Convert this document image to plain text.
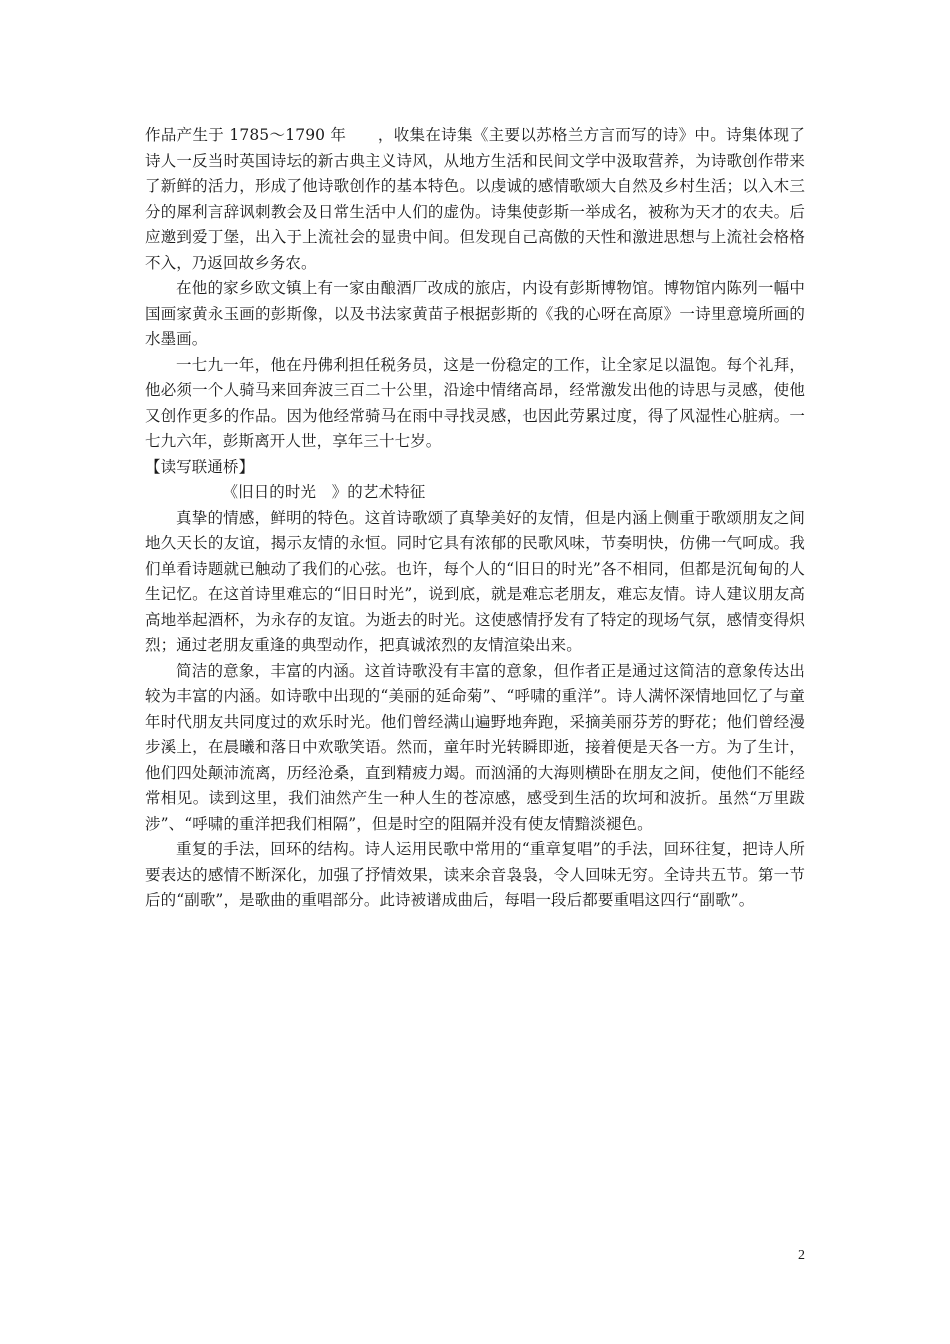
作品产生于 1785～1790 年　　，收集在诗集《主要以苏格兰方言而写的诗》中。诗集体现了诗人一反当时英国诗坛的新古典主义诗风，从地方生活和民间文学中汲取营养，为诗歌创作带来了新鲜的活力，形成了他诗歌创作的基本特色。以虔诚的感情歌颂大自然及乡村生活；以入木三分的犀利言辞讽刺教会及日常生活中人们的虚伪。诗集使彭斯一举成名，被称为天才的农夫。后应邀到爱丁堡，出入于上流社会的显贵中间。但发现自己高傲的天性和激进思想与上流社会格格不入，乃返回故乡务农。

在他的家乡欧文镇上有一家由酿酒厂改成的旅店，内设有彭斯博物馆。博物馆内陈列一幅中国画家黄永玉画的彭斯像，以及书法家黄苗子根据彭斯的《我的心呀在高原》一诗里意境所画的水墨画。

一七九一年，他在丹佛利担任税务员，这是一份稳定的工作，让全家足以温饱。每个礼拜，他必须一个人骑马来回奔波三百二十公里，沿途中情绪高昂，经常激发出他的诗思与灵感，使他又创作更多的作品。因为他经常骑马在雨中寻找灵感，也因此劳累过度，得了风湿性心脏病。一七九六年，彭斯离开人世，享年三十七岁。

【读写联通桥】

《旧日的时光　》的艺术特征

真挚的情感，鲜明的特色。这首诗歌颂了真挚美好的友情，但是内涵上侧重于歌颂朋友之间地久天长的友谊，揭示友情的永恒。同时它具有浓郁的民歌风味，节奏明快，仿佛一气呵成。我们单看诗题就已触动了我们的心弦。也许，每个人的“旧日的时光”各不相同，但都是沉甸甸的人生记忆。在这首诗里难忘的“旧日时光”，说到底，就是难忘老朋友，难忘友情。诗人建议朋友高高地举起酒杯，为永存的友谊。为逝去的时光。这使感情抒发有了特定的现场气氛，感情变得炽烈；通过老朋友重逢的典型动作，把真诚浓烈的友情渲染出来。

简洁的意象，丰富的内涵。这首诗歌没有丰富的意象，但作者正是通过这简洁的意象传达出较为丰富的内涵。如诗歌中出现的“美丽的延命菊”、“呼啸的重洋”。诗人满怀深情地回忆了与童年时代朋友共同度过的欢乐时光。他们曾经满山遍野地奔跑，采摘美丽芬芳的野花；他们曾经漫步溪上，在晨曦和落日中欢歌笑语。然而，童年时光转瞬即逝，接着便是天各一方。为了生计，他们四处颠沛流离，历经沧桑，直到精疲力竭。而汹涌的大海则横卧在朋友之间，使他们不能经常相见。读到这里，我们油然产生一种人生的苍凉感，感受到生活的坎坷和波折。虽然“万里跋涉”、“呼啸的重洋把我们相隔”，但是时空的阻隔并没有使友情黯淡褪色。

重复的手法，回环的结构。诗人运用民歌中常用的“重章复唱”的手法，回环往复，把诗人所要表达的感情不断深化，加强了抒情效果，读来余音袅袅，令人回味无穷。全诗共五节。第一节后的“副歌”，是歌曲的重唱部分。此诗被谱成曲后，每唱一段后都要重唱这四行“副歌”。

2
